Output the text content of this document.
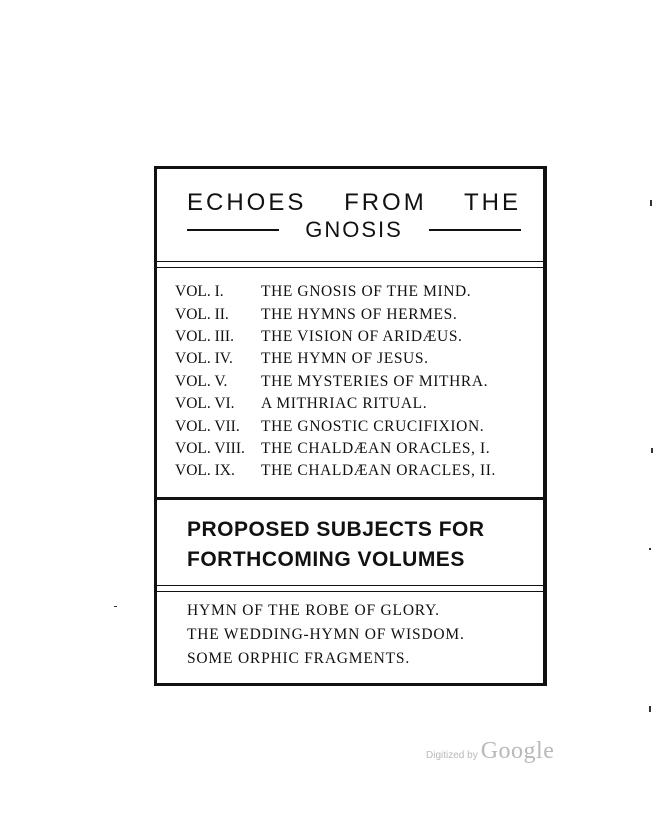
ECHOES FROM THE
GNOSIS
VOL. I.	THE GNOSIS OF THE MIND.
VOL. II.	THE HYMNS OF HERMES.
VOL. III.	THE VISION OF ARIDÆUS.
VOL. IV.	THE HYMN OF JESUS.
VOL. V.	THE MYSTERIES OF MITHRA.
VOL. VI.	A MITHRIAC RITUAL.
VOL. VII.	THE GNOSTIC CRUCIFIXION.
VOL. VIII.	THE CHALDÆAN ORACLES, I.
VOL. IX.	THE CHALDÆAN ORACLES, II.
PROPOSED SUBJECTS FOR
FORTHCOMING VOLUMES
HYMN OF THE ROBE OF GLORY.
THE WEDDING-HYMN OF WISDOM.
SOME ORPHIC FRAGMENTS.
Digitized by Google
